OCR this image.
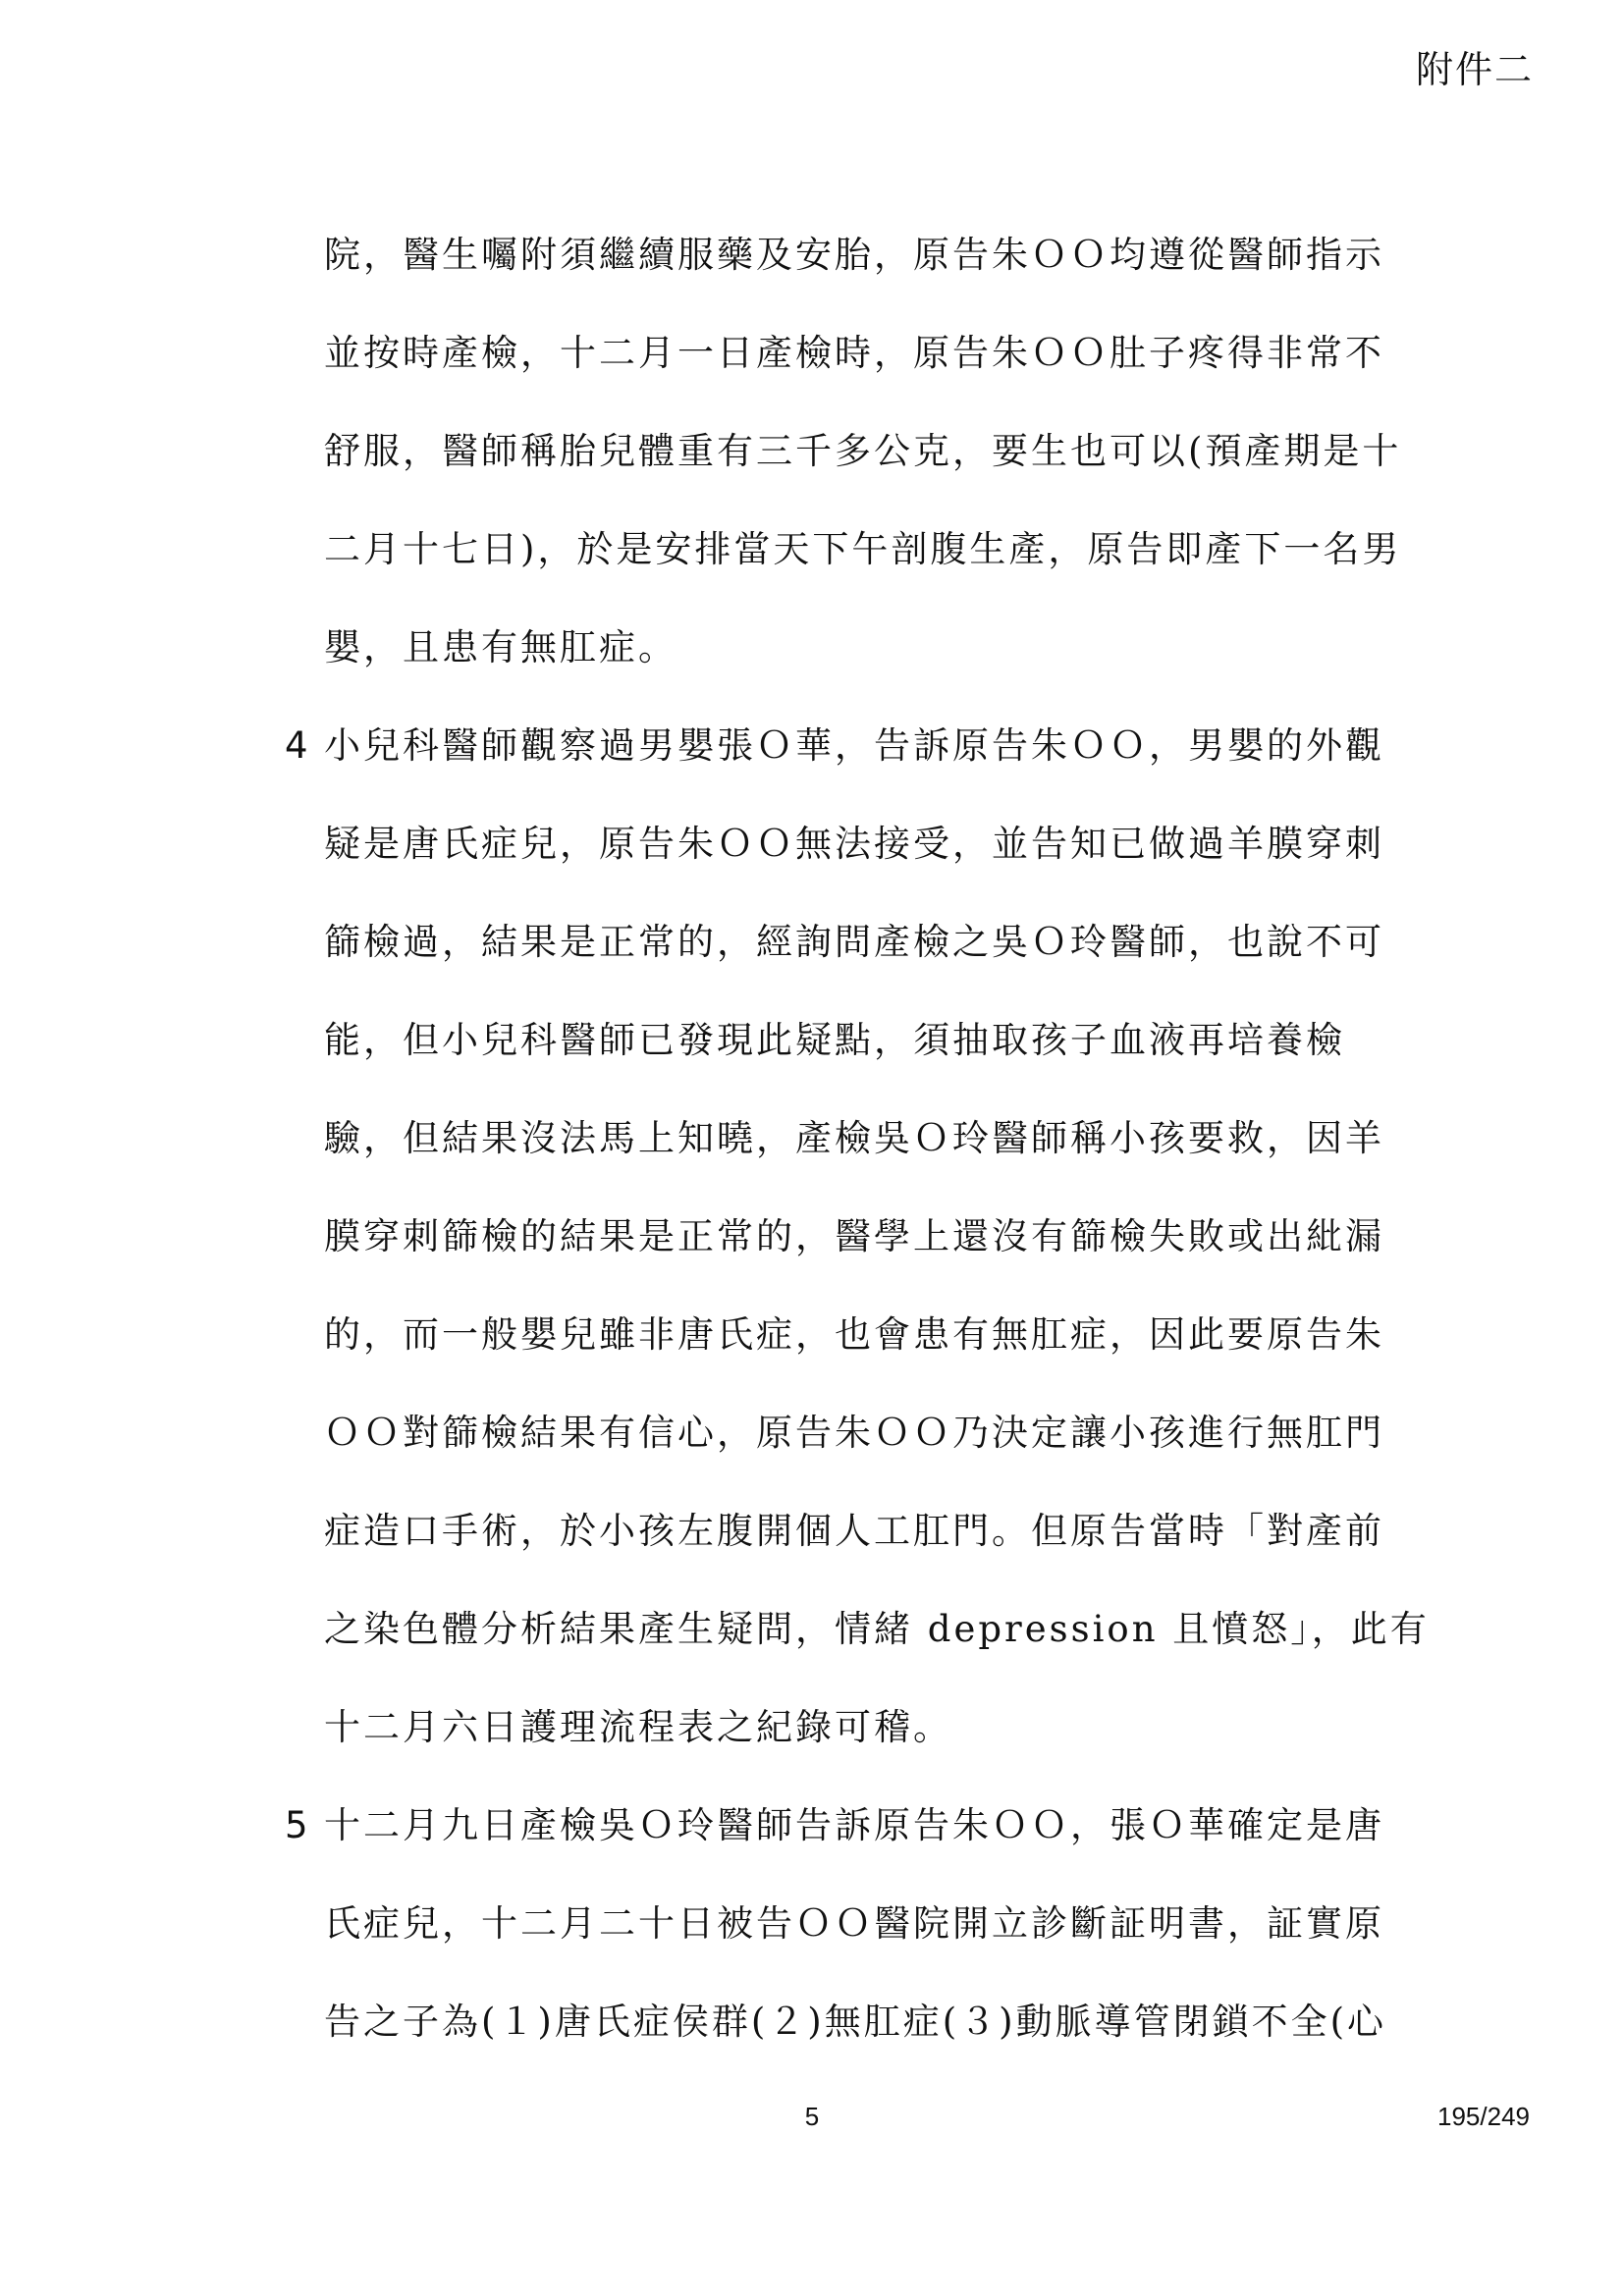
附件二
院，醫生囑附須繼續服藥及安胎，原告朱ＯＯ均遵從醫師指示
並按時產檢，十二月一日產檢時，原告朱ＯＯ肚子疼得非常不
舒服，醫師稱胎兒體重有三千多公克，要生也可以(預產期是十
二月十七日)，於是安排當天下午剖腹生產，原告即產下一名男
嬰，且患有無肛症。
4 小兒科醫師觀察過男嬰張Ｏ華，告訴原告朱ＯＯ，男嬰的外觀
疑是唐氏症兒，原告朱ＯＯ無法接受，並告知已做過羊膜穿刺
篩檢過，結果是正常的，經詢問產檢之吳Ｏ玲醫師，也說不可
能，但小兒科醫師已發現此疑點，須抽取孩子血液再培養檢
驗，但結果沒法馬上知曉，產檢吳Ｏ玲醫師稱小孩要救，因羊
膜穿刺篩檢的結果是正常的，醫學上還沒有篩檢失敗或出紕漏
的，而一般嬰兒雖非唐氏症，也會患有無肛症，因此要原告朱
ＯＯ對篩檢結果有信心，原告朱ＯＯ乃決定讓小孩進行無肛門
症造口手術，於小孩左腹開個人工肛門。但原告當時「對產前
之染色體分析結果產生疑問，情緒 depression 且憤怒」，此有
十二月六日護理流程表之紀錄可稽。
5 十二月九日產檢吳Ｏ玲醫師告訴原告朱ＯＯ，張Ｏ華確定是唐
氏症兒，十二月二十日被告ＯＯ醫院開立診斷証明書，証實原
告之子為(１)唐氏症侯群(２)無肛症(３)動脈導管閉鎖不全(心
5	195/249
